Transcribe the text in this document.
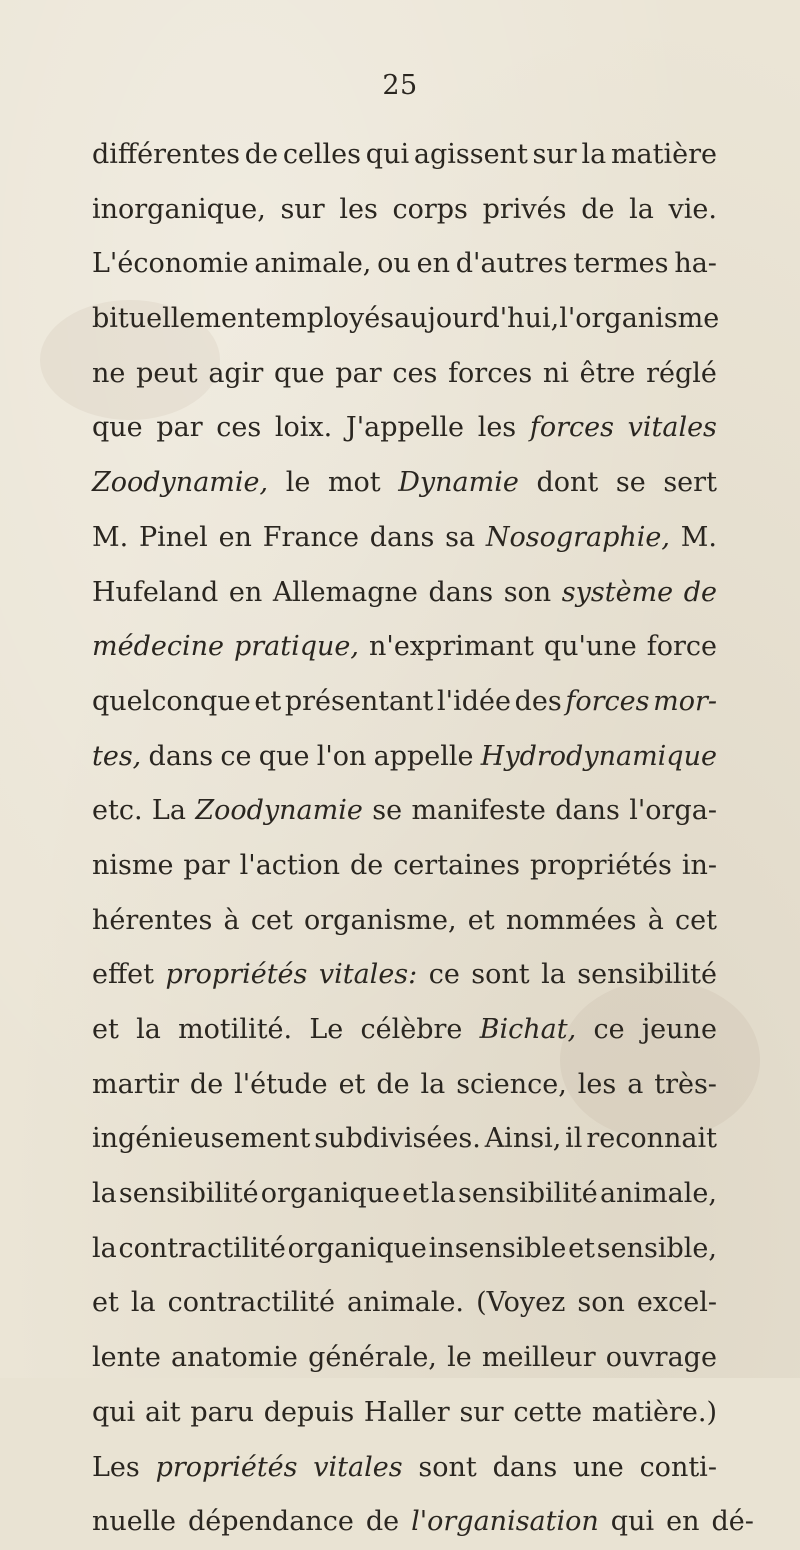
25
différentes de celles qui agissent sur la matière
inorganique, sur les corps privés de la vie.
L'économie animale, ou en d'autres termes ha-
bituellement employés aujourd'hui, l'organisme
ne peut agir que par ces forces ni être réglé
que par ces loix. J'appelle les forces vitales
Zoodynamie, le mot Dynamie dont se sert
M. Pinel en France dans sa Nosographie, M.
Hufeland en Allemagne dans son système de
médecine pratique, n'exprimant qu'une force
quelconque et présentant l'idée des forces mor-
tes, dans ce que l'on appelle Hydrodynamique
etc. La Zoodynamie se manifeste dans l'orga-
nisme par l'action de certaines propriétés in-
hérentes à cet organisme, et nommées à cet
effet propriétés vitales: ce sont la sensibilité
et la motilité. Le célèbre Bichat, ce jeune
martir de l'étude et de la science, les a très-
ingénieusement subdivisées. Ainsi, il reconnait
la sensibilité organique et la sensibilité animale,
la contractilité organique insensible et sensible,
et la contractilité animale. (Voyez son excel-
lente anatomie générale, le meilleur ouvrage
qui ait paru depuis Haller sur cette matière.)
Les propriétés vitales sont dans une conti-
nuelle dépendance de l'organisation qui en dé-
